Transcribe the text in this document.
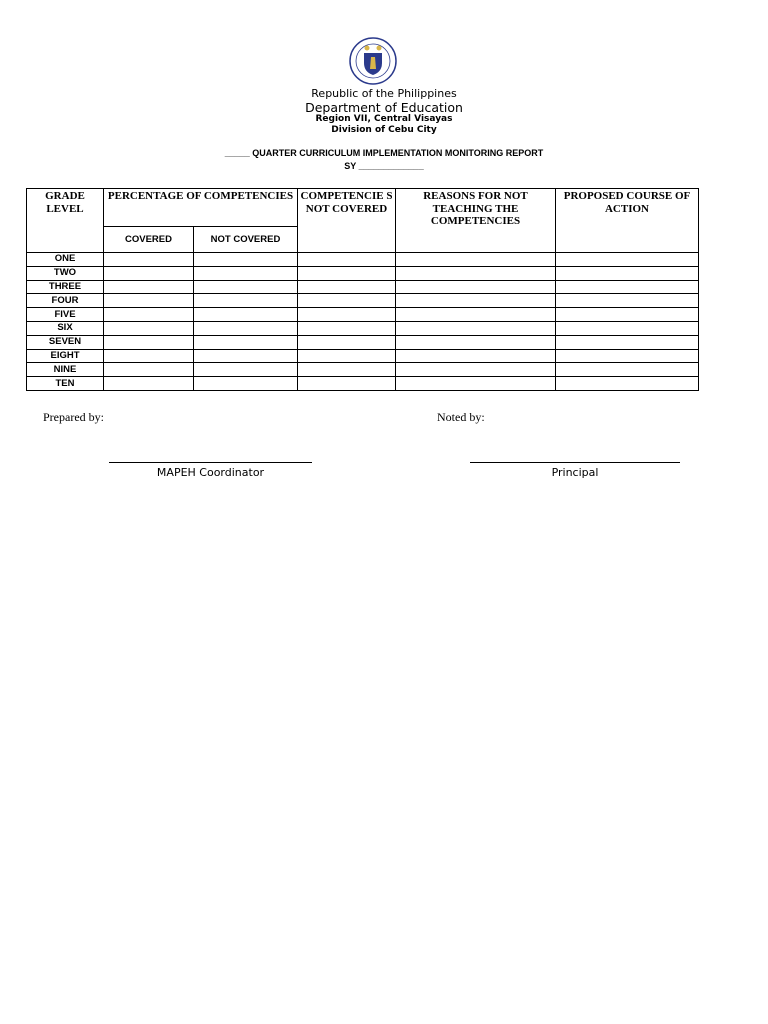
Republic of the Philippines
Department of Education
Region VII, Central Visayas
Division of Cebu City
_____ QUARTER CURRICULUM IMPLEMENTATION MONITORING REPORT
SY _____________
GRADE LEVEL	PERCENTAGE OF COMPETENCIES		COMPETENCIE S NOT COVERED	REASONS FOR NOT TEACHING THE COMPETENCIES	PROPOSED COURSE OF ACTION
	COVERED	NOT COVERED			
ONE					
TWO					
THREE					
FOUR					
FIVE					
SIX					
SEVEN					
EIGHT					
NINE					
TEN					
Prepared by:	Noted by:
MAPEH Coordinator	Principal
